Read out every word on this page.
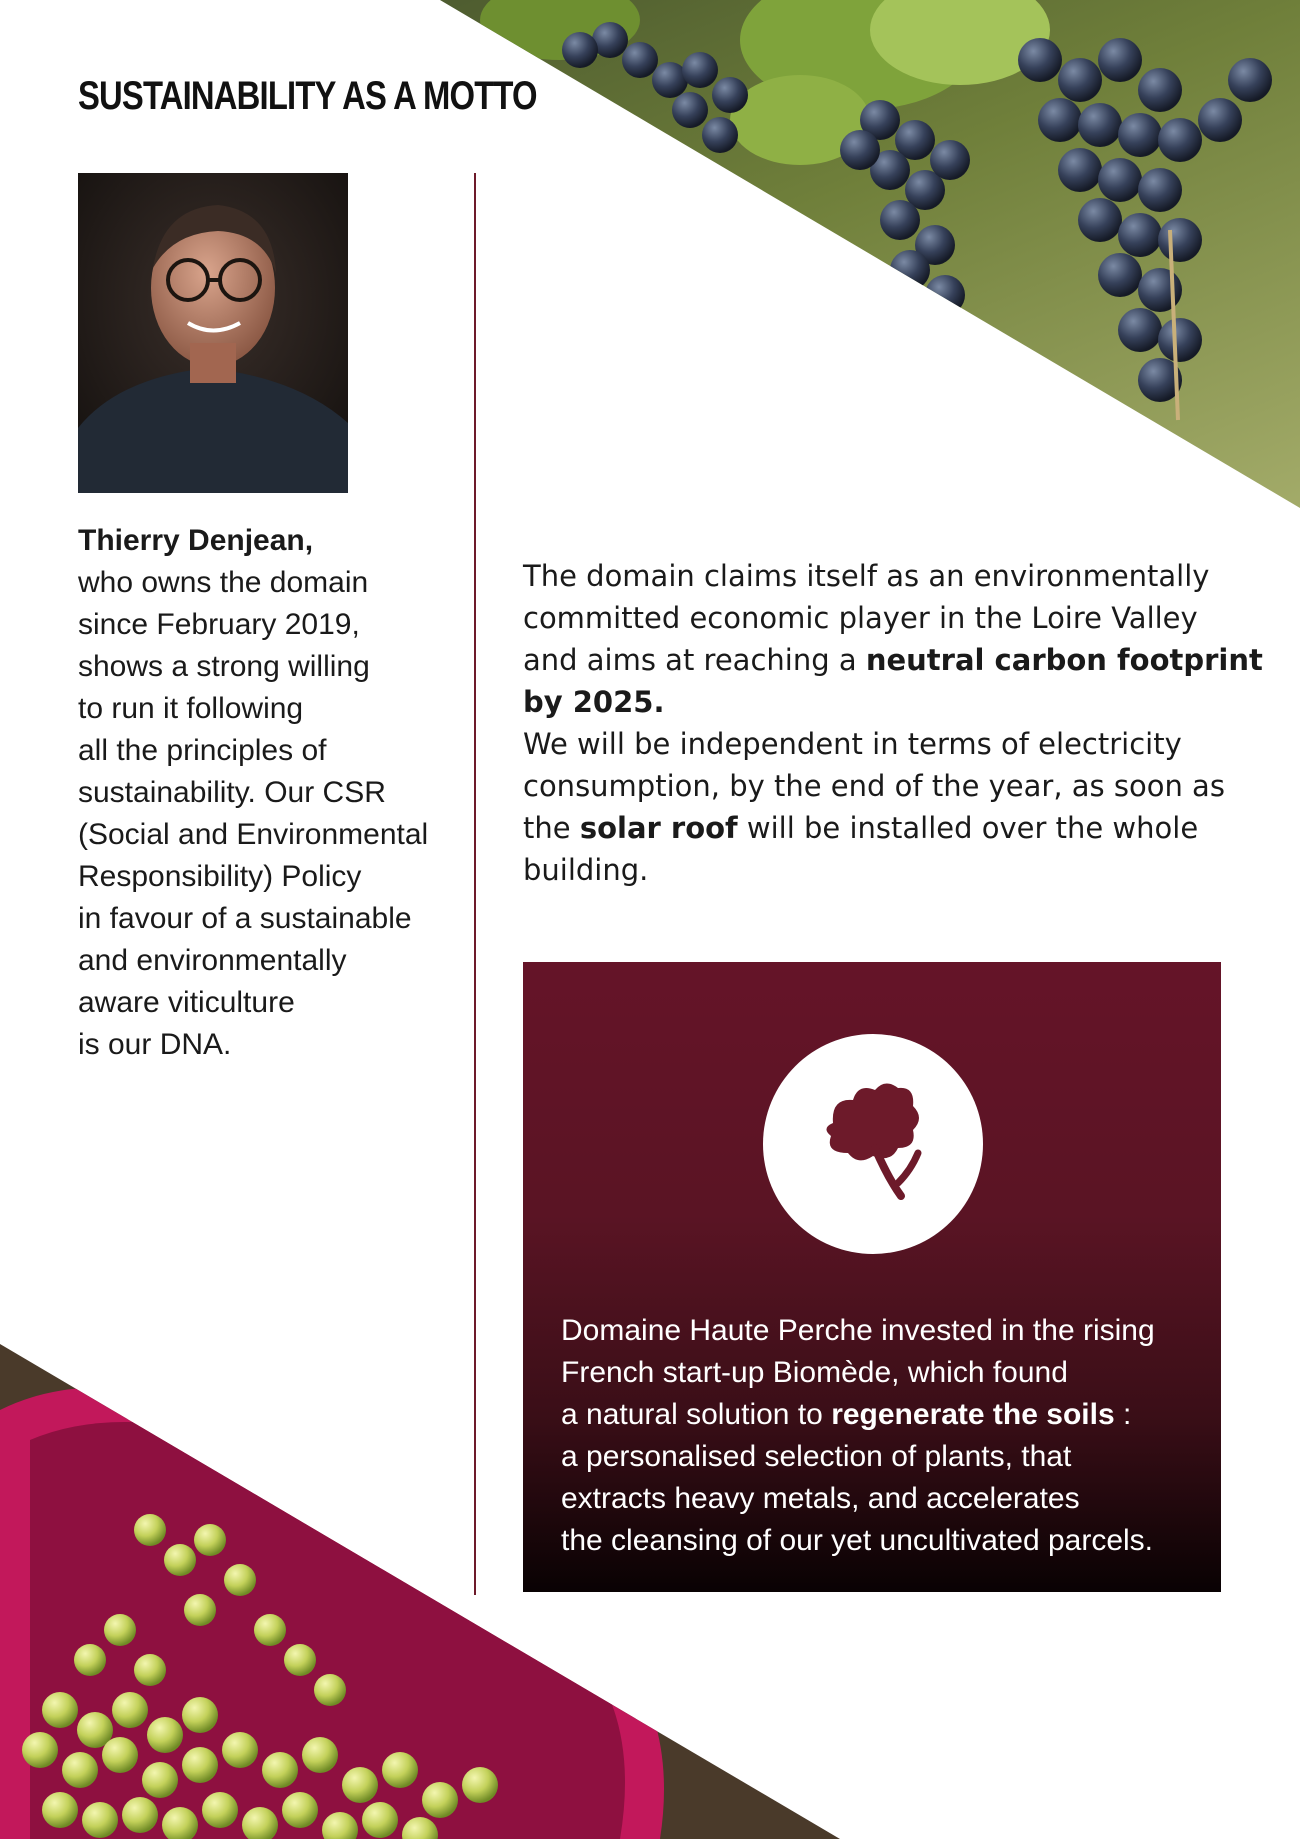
SUSTAINABILITY AS A MOTTO
Thierry Denjean,
who owns the domain
since February 2019,
shows a strong willing
to run it following
all the principles of
sustainability. Our CSR
(Social and Environmental
Responsibility) Policy
in favour of a sustainable
and environmentally
aware viticulture
is our DNA.
The domain claims itself as an environmentally
committed economic player in the Loire Valley
and aims at reaching a neutral carbon footprint
by 2025.
We will be independent in terms of electricity
consumption, by the end of the year, as soon as
the solar roof will be installed over the whole
building.
Domaine Haute Perche invested in the rising
French start-up Biomède, which found
a natural solution to regenerate the soils :
a personalised selection of plants, that
extracts heavy metals, and accelerates
the cleansing of our yet uncultivated parcels.
